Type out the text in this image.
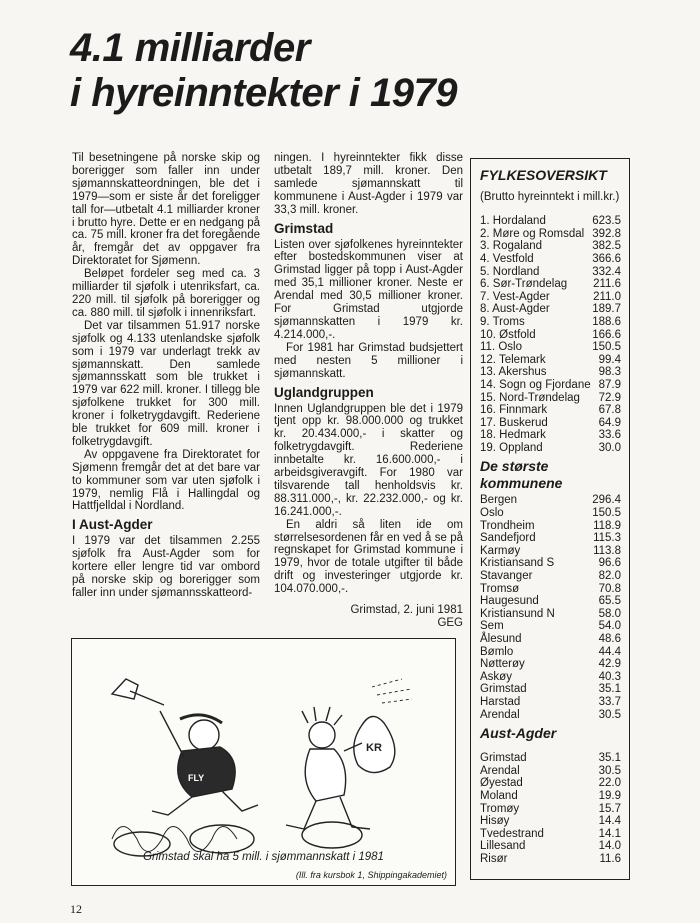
4.1 milliarder
i hyreinntekter i 1979

Til besetningene på norske skip og borerigger som faller inn under sjømannskatteordningen, ble det i 1979—som er siste år det foreligger tall for—utbetalt 4.1 milliarder kroner i brutto hyre. Dette er en nedgang på ca. 75 mill. kroner fra det foregående år, fremgår det av oppgaver fra Direktoratet for Sjømenn.

Beløpet fordeler seg med ca. 3 milliarder til sjøfolk i utenriksfart, ca. 220 mill. til sjøfolk på borerigger og ca. 880 mill. til sjøfolk i innenriksfart.

Det var tilsammen 51.917 norske sjøfolk og 4.133 utenlandske sjøfolk som i 1979 var underlagt trekk av sjømannskatt. Den samlede sjømannsskatt som ble trukket i 1979 var 622 mill. kroner. I tillegg ble sjøfolkene trukket for 300 mill. kroner i folketrygdavgift. Rederiene ble trukket for 609 mill. kroner i folketrygdavgift.

Av oppgavene fra Direktoratet for Sjømenn fremgår det at det bare var to kommuner som var uten sjøfolk i 1979, nemlig Flå i Hallingdal og Hattfjelldal i Nordland.

I Aust-Agder

I 1979 var det tilsammen 2.255 sjøfolk fra Aust-Agder som for kortere eller lengre tid var ombord på norske skip og borerigger som faller inn under sjømannsskatteord-

ningen. I hyreinntekter fikk disse utbetalt 189,7 mill. kroner. Den samlede sjømannskatt til kommunene i Aust-Agder i 1979 var 33,3 mill. kroner.

Grimstad

Listen over sjøfolkenes hyreinntekter efter bostedskommunen viser at Grimstad ligger på topp i Aust-Agder med 35,1 millioner kroner. Neste er Arendal med 30,5 millioner kroner. For Grimstad utgjorde sjømannskatten i 1979 kr. 4.214.000,-.

For 1981 har Grimstad budsjettert med nesten 5 millioner i sjømannskatt.

Uglandgruppen

Innen Uglandgruppen ble det i 1979 tjent opp kr. 98.000.000 og trukket kr. 20.434.000,- i skatter og folketrygdavgift. Rederiene innbetalte kr. 16.600.000,- i arbeidsgiveravgift. For 1980 var tilsvarende tall henholdsvis kr. 88.311.000,-, kr. 22.232.000,- og kr. 16.241.000,-.

En aldri så liten ide om størrelsesordenen får en ved å se på regnskapet for Grimstad kommune i 1979, hvor de totale utgifter til både drift og investeringer utgjorde kr. 104.070.000,-.

Grimstad, 2. juni 1981
GEG
FYLKESOVERSIKT
(Brutto hyreinntekt i mill.kr.)
1. Hordaland	623.5
2. Møre og Romsdal 392.8
3. Rogaland	382.5
4. Vestfold	366.6
5. Nordland	332.4
6. Sør-Trøndelag 211.6
7. Vest-Agder	211.0
8. Aust-Agder	189.7
9. Troms	188.6
10. Østfold	166.6
11. Oslo	150.5
12. Telemark	99.4
13. Akershus	98.3
14. Sogn og Fjordane 87.9
15. Nord-Trøndelag 72.9
16. Finnmark	67.8
17. Buskerud	64.9
18. Hedmark	33.6
19. Oppland	30.0
De største kommunene
Bergen	296.4
Oslo	150.5
Trondheim	118.9
Sandefjord	115.3
Karmøy	113.8
Kristiansand S	96.6
Stavanger	82.0
Tromsø	70.8
Haugesund	65.5
Kristiansund N	58.0
Sem	54.0
Ålesund	48.6
Bømlo	44.4
Nøtterøy	42.9
Askøy	40.3
Grimstad	35.1
Harstad	33.7
Arendal	30.5
Aust-Agder
Grimstad	35.1
Arendal	30.5
Øyestad	22.0
Moland	19.9
Tromøy	15.7
Hisøy	14.4
Tvedestrand	14.1
Lillesand	14.0
Risør	11.6
FLY
KR
Grimstad skal ha 5 mill. i sjømmannskatt i 1981
(Ill. fra kursbok 1, Shippingakademiet)
12
